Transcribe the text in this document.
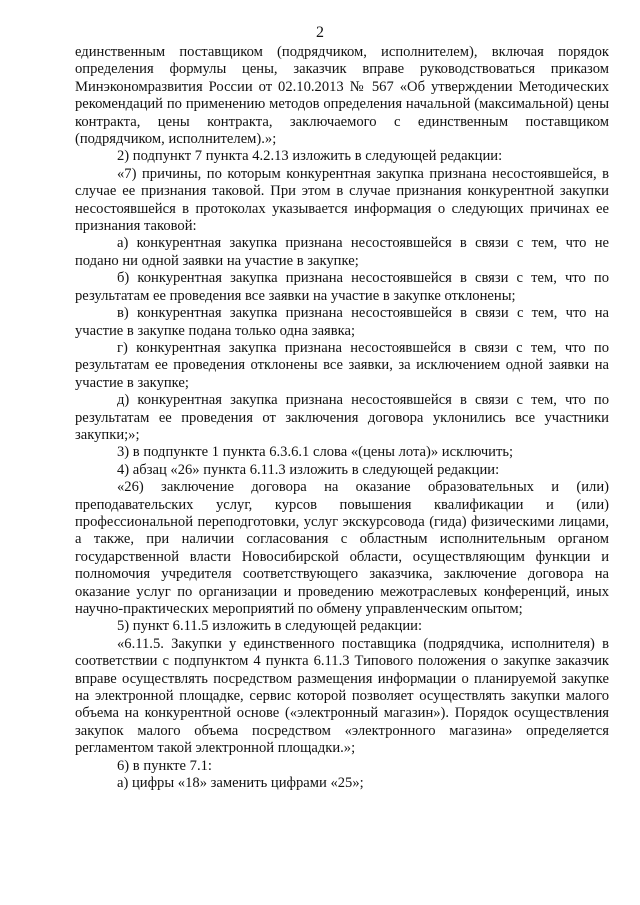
2

единственным поставщиком (подрядчиком, исполнителем), включая порядок определения формулы цены, заказчик вправе руководствоваться приказом Минэкономразвития России от 02.10.2013 № 567 «Об утверждении Методических рекомендаций по применению методов определения начальной (максимальной) цены контракта, цены контракта, заключаемого с единственным поставщиком (подрядчиком, исполнителем).»;

2) подпункт 7 пункта 4.2.13 изложить в следующей редакции:

«7) причины, по которым конкурентная закупка признана несостоявшейся, в случае ее признания таковой. При этом в случае признания конкурентной закупки несостоявшейся в протоколах указывается информация о следующих причинах ее признания таковой:

а) конкурентная закупка признана несостоявшейся в связи с тем, что не подано ни одной заявки на участие в закупке;

б) конкурентная закупка признана несостоявшейся в связи с тем, что по результатам ее проведения все заявки на участие в закупке отклонены;

в) конкурентная закупка признана несостоявшейся в связи с тем, что на участие в закупке подана только одна заявка;

г) конкурентная закупка признана несостоявшейся в связи с тем, что по результатам ее проведения отклонены все заявки, за исключением одной заявки на участие в закупке;

д) конкурентная закупка признана несостоявшейся в связи с тем, что по результатам ее проведения от заключения договора уклонились все участники закупки;»;

3) в подпункте 1 пункта 6.3.6.1 слова «(цены лота)» исключить;

4) абзац «26» пункта 6.11.3 изложить в следующей редакции:

«26) заключение договора на оказание образовательных и (или) преподавательских услуг, курсов повышения квалификации и (или) профессиональной переподготовки, услуг экскурсовода (гида) физическими лицами, а также, при наличии согласования с областным исполнительным органом государственной власти Новосибирской области, осуществляющим функции и полномочия учредителя соответствующего заказчика, заключение договора на оказание услуг по организации и проведению межотраслевых конференций, иных научно-практических мероприятий по обмену управленческим опытом;

5) пункт 6.11.5 изложить в следующей редакции:

«6.11.5. Закупки у единственного поставщика (подрядчика, исполнителя) в соответствии с подпунктом 4 пункта 6.11.3 Типового положения о закупке заказчик вправе осуществлять посредством размещения информации о планируемой закупке на электронной площадке, сервис которой позволяет осуществлять закупки малого объема на конкурентной основе («электронный магазин»). Порядок осуществления закупок малого объема посредством «электронного магазина» определяется регламентом такой электронной площадки.»;

6) в пункте 7.1:

а) цифры «18» заменить цифрами «25»;
